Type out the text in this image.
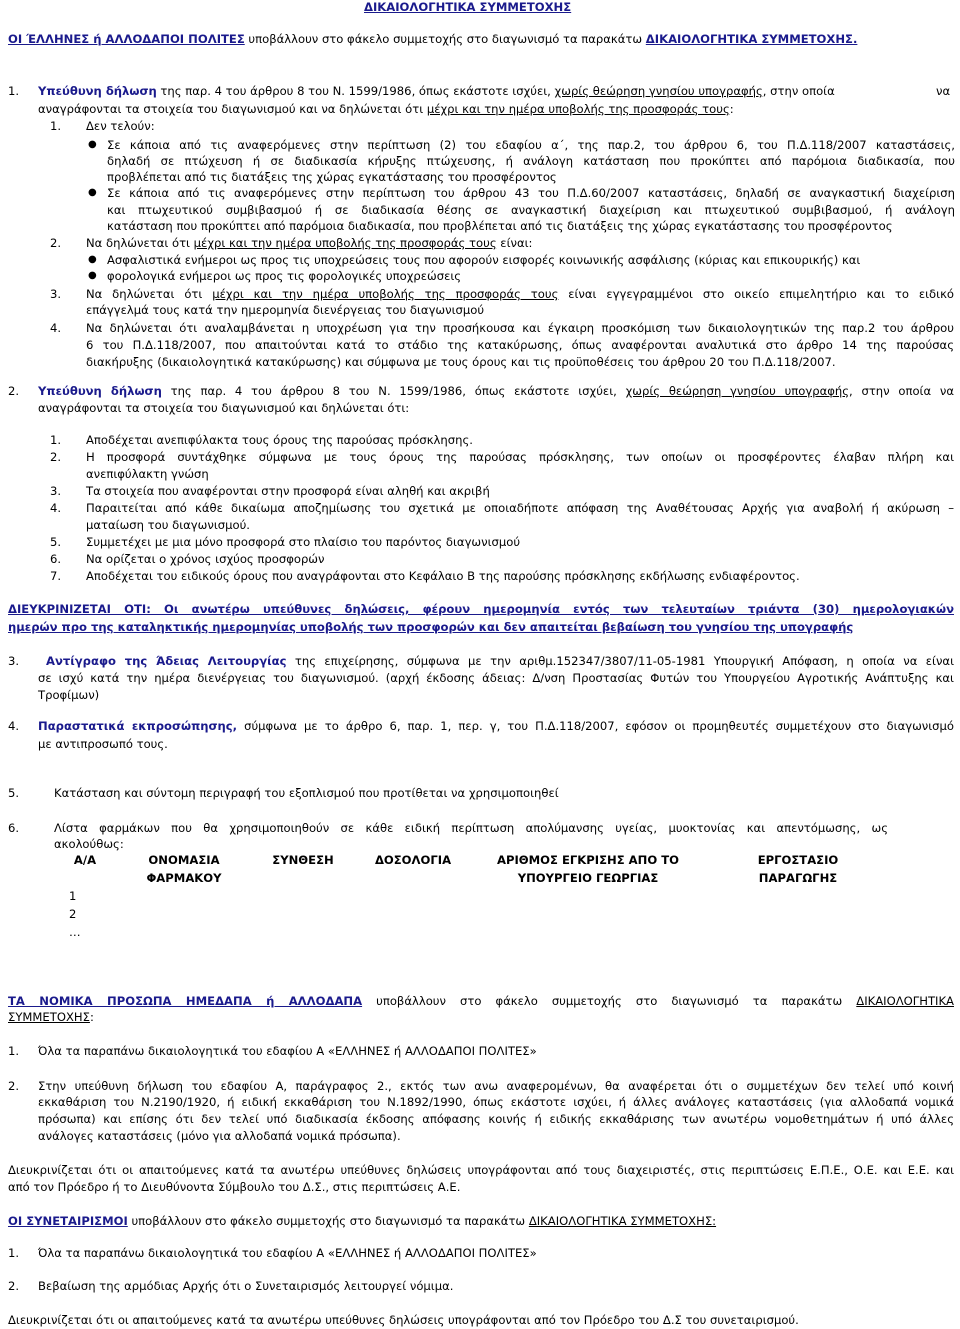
ΔΙΚΑΙΟΛΟΓΗΤΙΚΑ ΣΥΜΜΕΤΟΧΗΣ
ΟΙ ΈΛΛΗΝΕΣ ή ΑΛΛΟΔΑΠΟΙ ΠΟΛΙΤΕΣ υποβάλλουν στο φάκελο συμμετοχής στο διαγωνισμό τα παρακάτω ΔΙΚΑΙΟΛΟΓΗΤΙΚΑ ΣΥΜΜΕΤΟΧΗΣ.
1. Υπεύθυνη δήλωση της παρ. 4 του άρθρου 8 του Ν. 1599/1986, όπως εκάστοτε ισχύει, χωρίς θεώρηση γνησίου υπογραφής, στην οποία	να
αναγράφονται τα στοιχεία του διαγωνισμού και να δηλώνεται ότι μέχρι και την ημέρα υποβολής της προσφοράς τους:
1. Δεν τελούν:
● Σε κάποια από τις αναφερόμενες στην περίπτωση (2) του εδαφίου α΄, της παρ.2, του άρθρου 6, του Π.Δ.118/2007 καταστάσεις,
δηλαδή σε πτώχευση ή σε διαδικασία κήρυξης πτώχευσης, ή ανάλογη κατάσταση που προκύπτει από παρόμοια διαδικασία, που
προβλέπεται από τις διατάξεις της χώρας εγκατάστασης του προσφέροντος
● Σε κάποια από τις αναφερόμενες στην περίπτωση του άρθρου 43 του Π.Δ.60/2007 καταστάσεις, δηλαδή σε αναγκαστική διαχείριση
και πτωχευτικού συμβιβασμού ή σε διαδικασία θέσης σε αναγκαστική διαχείριση και πτωχευτικού συμβιβασμού, ή ανάλογη
κατάσταση που προκύπτει από παρόμοια διαδικασία, που προβλέπεται από τις διατάξεις της χώρας εγκατάστασης του προσφέροντος
2. Να δηλώνεται ότι μέχρι και την ημέρα υποβολής της προσφοράς τους είναι:
● Ασφαλιστικά ενήμεροι ως προς τις υποχρεώσεις τους που αφορούν εισφορές κοινωνικής ασφάλισης (κύριας και επικουρικής) και
● φορολογικά ενήμεροι ως προς τις φορολογικές υποχρεώσεις
3. Να δηλώνεται ότι μέχρι και την ημέρα υποβολής της προσφοράς τους είναι εγγεγραμμένοι στο οικείο επιμελητήριο και το ειδικό
επάγγελμά τους κατά την ημερομηνία διενέργειας του διαγωνισμού
4. Να δηλώνεται ότι αναλαμβάνεται η υποχρέωση για την προσήκουσα και έγκαιρη προσκόμιση των δικαιολογητικών της παρ.2 του άρθρου
6 του Π.Δ.118/2007, που απαιτούνται κατά το στάδιο της κατακύρωσης, όπως αναφέρονται αναλυτικά στο άρθρο 14 της παρούσας
διακήρυξης (δικαιολογητικά κατακύρωσης) και σύμφωνα με τους όρους και τις προϋποθέσεις του άρθρου 20 του Π.Δ.118/2007.
2. Υπεύθυνη δήλωση της παρ. 4 του άρθρου 8 του Ν. 1599/1986, όπως εκάστοτε ισχύει, χωρίς θεώρηση γνησίου υπογραφής, στην οποία να
αναγράφονται τα στοιχεία του διαγωνισμού και δηλώνεται ότι:
1. Αποδέχεται ανεπιφύλακτα τους όρους της παρούσας πρόσκλησης.
2. Η προσφορά συντάχθηκε σύμφωνα με τους όρους της παρούσας πρόσκλησης, των οποίων οι προσφέροντες έλαβαν πλήρη και
ανεπιφύλακτη γνώση
3. Τα στοιχεία που αναφέρονται στην προσφορά είναι αληθή και ακριβή
4. Παραιτείται από κάθε δικαίωμα αποζημίωσης του σχετικά με οποιαδήποτε απόφαση της Αναθέτουσας Αρχής για αναβολή ή ακύρωση –
ματαίωση του διαγωνισμού.
5. Συμμετέχει με μια μόνο προσφορά στο πλαίσιο του παρόντος διαγωνισμού
6. Να ορίζεται ο χρόνος ισχύος προσφορών
7. Αποδέχεται του ειδικούς όρους που αναγράφονται στο Κεφάλαιο Β της παρούσης πρόσκλησης εκδήλωσης ενδιαφέροντος.
ΔΙΕΥΚΡΙΝΙΖΕΤΑΙ ΟΤΙ: Οι ανωτέρω υπεύθυνες δηλώσεις, φέρουν ημερομηνία εντός των τελευταίων τριάντα (30) ημερολογιακών
ημερών προ της καταληκτικής ημερομηνίας υποβολής των προσφορών και δεν απαιτείται βεβαίωση του γνησίου της υπογραφής
3. Αντίγραφο της Άδειας Λειτουργίας της επιχείρησης, σύμφωνα με την αριθμ.152347/3807/11-05-1981 Υπουργική Απόφαση, η οποία να είναι
σε ισχύ κατά την ημέρα διενέργειας του διαγωνισμού. (αρχή έκδοσης άδειας: Δ/νση Προστασίας Φυτών του Υπουργείου Αγροτικής Ανάπτυξης και
Τροφίμων)
4. Παραστατικά εκπροσώπησης, σύμφωνα με το άρθρο 6, παρ. 1, περ. γ, του Π.Δ.118/2007, εφόσον οι προμηθευτές συμμετέχουν στο διαγωνισμό
με αντιπροσωπό τους.
5.	Κατάσταση και σύντομη περιγραφή του εξοπλισμού που προτίθεται να χρησιμοποιηθεί
6.	Λίστα φαρμάκων που θα χρησιμοποιηθούν σε κάθε ειδική περίπτωση απολύμανσης υγείας, μυοκτονίας και απεντόμωσης, ως
ακολούθως:
Α/Α	ΟΝΟΜΑΣΙΑ	ΣΥΝΘΕΣΗ	ΔΟΣΟΛΟΓΙΑ	ΑΡΙΘΜΟΣ ΕΓΚΡΙΣΗΣ ΑΠΟ ΤΟ	ΕΡΓΟΣΤΑΣΙΟ
	ΦΑΡΜΑΚΟΥ			ΥΠΟΥΡΓΕΙΟ ΓΕΩΡΓΙΑΣ	ΠΑΡΑΓΩΓΗΣ
1					
2					
…					
ΤΑ ΝΟΜΙΚΑ ΠΡΟΣΩΠΑ ΗΜΕΔΑΠΑ ή ΑΛΛΟΔΑΠΑ υποβάλλουν στο φάκελο συμμετοχής στο διαγωνισμό τα παρακάτω ΔΙΚΑΙΟΛΟΓΗΤΙΚΑ
ΣΥΜΜΕΤΟΧΗΣ:
1. Όλα τα παραπάνω δικαιολογητικά του εδαφίου Α «ΕΛΛΗΝΕΣ ή ΑΛΛΟΔΑΠΟΙ ΠΟΛΙΤΕΣ»
2. Στην υπεύθυνη δήλωση του εδαφίου Α, παράγραφος 2., εκτός των ανω αναφερομένων, θα αναφέρεται ότι ο συμμετέχων δεν τελεί υπό κοινή
εκκαθάριση του Ν.2190/1920, ή ειδική εκκαθάριση του Ν.1892/1990, όπως εκάστοτε ισχύει, ή άλλες ανάλογες καταστάσεις (για αλλοδαπά νομικά
πρόσωπα) και επίσης ότι δεν τελεί υπό διαδικασία έκδοσης απόφασης κοινής ή ειδικής εκκαθάρισης των ανωτέρω νομοθετημάτων ή υπό άλλες
ανάλογες καταστάσεις (μόνο για αλλοδαπά νομικά πρόσωπα).
Διευκρινίζεται ότι οι απαιτούμενες κατά τα ανωτέρω υπεύθυνες δηλώσεις υπογράφονται από τους διαχειριστές, στις περιπτώσεις Ε.Π.Ε., Ο.Ε. και Ε.Ε. και
από τον Πρόεδρο ή το Διευθύνοντα Σύμβουλο του Δ.Σ., στις περιπτώσεις Α.Ε.
ΟΙ ΣΥΝΕΤΑΙΡΙΣΜΟΙ υποβάλλουν στο φάκελο συμμετοχής στο διαγωνισμό τα παρακάτω ΔΙΚΑΙΟΛΟΓΗΤΙΚΑ ΣΥΜΜΕΤΟΧΗΣ:
1. Όλα τα παραπάνω δικαιολογητικά του εδαφίου Α «ΕΛΛΗΝΕΣ ή ΑΛΛΟΔΑΠΟΙ ΠΟΛΙΤΕΣ»
2. Βεβαίωση της αρμόδιας Αρχής ότι ο Συνεταιρισμός λειτουργεί νόμιμα.
Διευκρινίζεται ότι οι απαιτούμενες κατά τα ανωτέρω υπεύθυνες δηλώσεις υπογράφονται από τον Πρόεδρο του Δ.Σ του συνεταιρισμού.
